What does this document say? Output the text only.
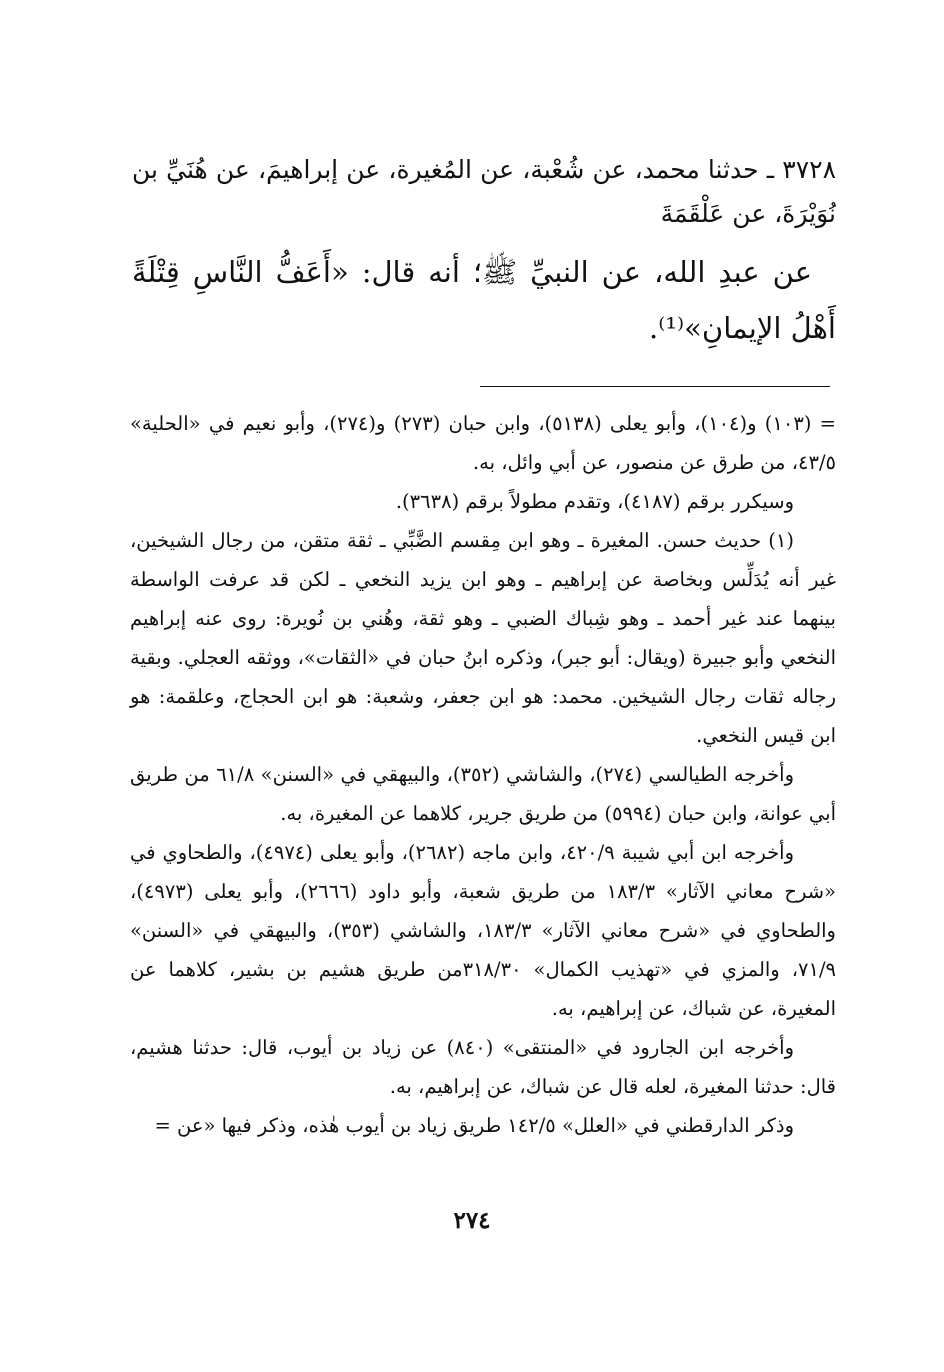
٣٧٢٨ ـ حدثنا محمد، عن شُعْبة، عن المُغيرة، عن إبراهيمَ، عن هُنَيِّ بن نُوَيْرَةَ، عن عَلْقَمَةَ

عن عبدِ الله، عن النبيِّ ﷺ؛ أنه قال: «أَعَفُّ النَّاسِ قِتْلَةً أَهْلُ الإيمانِ»⁽¹⁾.

= (١٠٣) و(١٠٤)، وأبو يعلى (٥١٣٨)، وابن حبان (٢٧٣) و(٢٧٤)، وأبو نعيم في «الحلية» ٤٣/٥، من طرق عن منصور، عن أبي وائل، به.

وسيكرر برقم (٤١٨٧)، وتقدم مطولاً برقم (٣٦٣٨).

(١) حديث حسن. المغيرة ـ وهو ابن مِقسم الضَّبِّي ـ ثقة متقن، من رجال الشيخين، غير أنه يُدَلِّس وبخاصة عن إبراهيم ـ وهو ابن يزيد النخعي ـ لكن قد عرفت الواسطة بينهما عند غير أحمد ـ وهو شِباك الضبي ـ وهو ثقة، وهُني بن نُويرة: روى عنه إبراهيم النخعي وأبو جبيرة (ويقال: أبو جبر)، وذكره ابنُ حبان في «الثقات»، ووثقه العجلي. وبقية رجاله ثقات رجال الشيخين. محمد: هو ابن جعفر، وشعبة: هو ابن الحجاج، وعلقمة: هو ابن قيس النخعي.

وأخرجه الطيالسي (٢٧٤)، والشاشي (٣٥٢)، والبيهقي في «السنن» ٦١/٨ من طريق أبي عوانة، وابن حبان (٥٩٩٤) من طريق جرير، كلاهما عن المغيرة، به.

وأخرجه ابن أبي شيبة ٤٢٠/٩، وابن ماجه (٢٦٨٢)، وأبو يعلى (٤٩٧٤)، والطحاوي في «شرح معاني الآثار» ١٨٣/٣ من طريق شعبة، وأبو داود (٢٦٦٦)، وأبو يعلى (٤٩٧٣)، والطحاوي في «شرح معاني الآثار» ١٨٣/٣، والشاشي (٣٥٣)، والبيهقي في «السنن» ٧١/٩، والمزي في «تهذيب الكمال» ٣١٨/٣٠من طريق هشيم بن بشير، كلاهما عن المغيرة، عن شباك، عن إبراهيم، به.

وأخرجه ابن الجارود في «المنتقى» (٨٤٠) عن زياد بن أيوب، قال: حدثنا هشيم، قال: حدثنا المغيرة، لعله قال عن شباك، عن إبراهيم، به.

وذكر الدارقطني في «العلل» ١٤٢/٥ طريق زياد بن أيوب هٰذه، وذكر فيها «عن =

٢٧٤
